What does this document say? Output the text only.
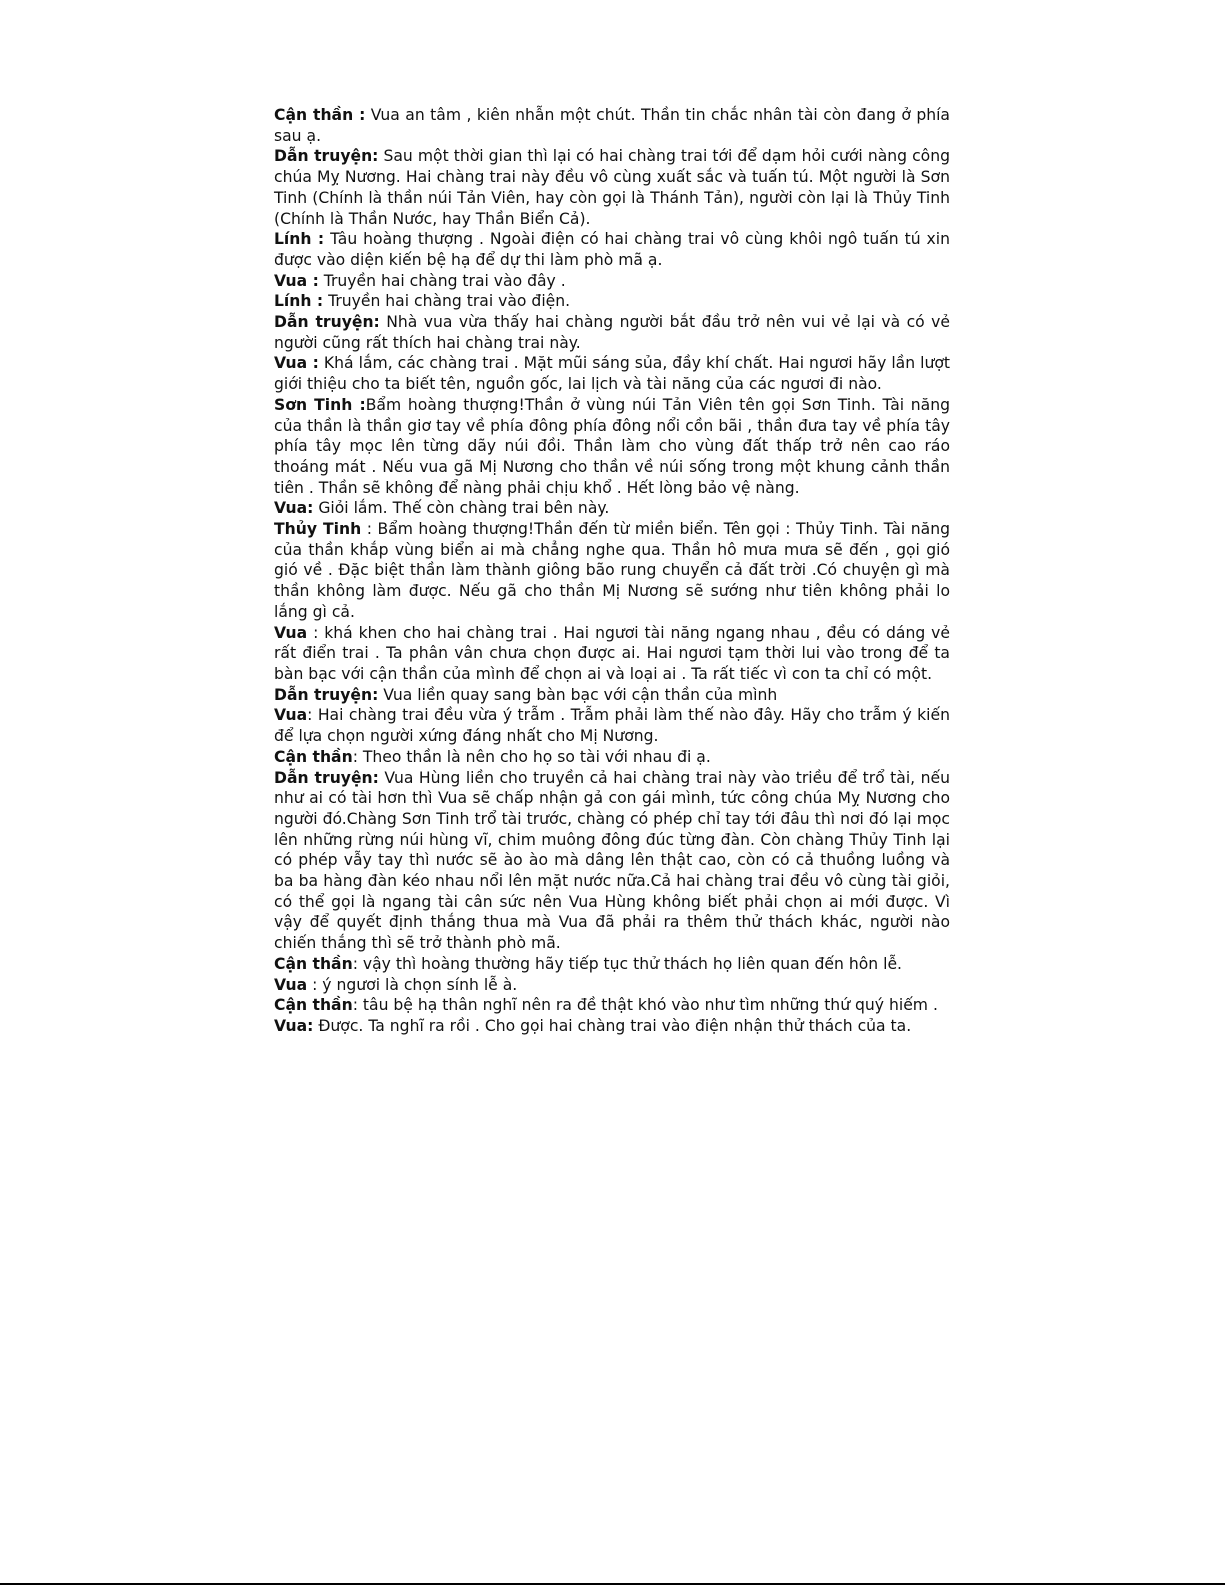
Cận thần : Vua an tâm , kiên nhẫn một chút. Thần tin chắc nhân tài còn đang ở phía sau ạ.

Dẫn truyện: Sau một thời gian thì lại có hai chàng trai tới để dạm hỏi cưới nàng công chúa Mỵ Nương. Hai chàng trai này đều vô cùng xuất sắc và tuấn tú. Một người là Sơn Tinh (Chính là thần núi Tản Viên, hay còn gọi là Thánh Tản), người còn lại là Thủy Tinh (Chính là Thần Nước, hay Thần Biển Cả).

Lính : Tâu hoàng thượng . Ngoài điện có hai chàng trai vô cùng khôi ngô tuấn tú xin được vào diện kiến bệ hạ để dự thi làm phò mã ạ.

Vua : Truyền hai chàng trai vào đây .

Lính : Truyền hai chàng trai vào điện.

Dẫn truyện: Nhà vua vừa thấy hai chàng người bắt đầu trở nên vui vẻ lại và có vẻ người cũng rất thích hai chàng trai này.

Vua : Khá lắm, các chàng trai . Mặt mũi sáng sủa, đầy khí chất. Hai ngươi hãy lần lượt giới thiệu cho ta biết tên, nguồn gốc, lai lịch và tài năng của các ngươi đi nào.

Sơn Tinh :Bẩm hoàng thượng!Thần ở vùng núi Tản Viên tên gọi Sơn Tinh. Tài năng của thần là thần giơ tay về phía đông phía đông nổi cồn bãi , thần đưa tay về phía tây phía tây mọc lên từng dãy núi đồi. Thần làm cho vùng đất thấp trở nên cao ráo thoáng mát . Nếu vua gã Mị Nương cho thần về núi sống trong một khung cảnh thần tiên . Thần sẽ không để nàng phải chịu khổ . Hết lòng bảo vệ nàng.

Vua: Giỏi lắm. Thế còn chàng trai bên này.

Thủy Tinh : Bẩm hoàng thượng!Thần đến từ miền biển. Tên gọi : Thủy Tinh. Tài năng của thần khắp vùng biển ai mà chẳng nghe qua. Thần hô mưa mưa sẽ đến , gọi gió gió về . Đặc biệt thần làm thành giông bão rung chuyển cả đất trời .Có chuyện gì mà thần không làm được. Nếu gã cho thần Mị Nương sẽ sướng như tiên không phải lo lắng gì cả.

Vua : khá khen cho hai chàng trai . Hai ngươi tài năng ngang nhau , đều có dáng vẻ rất điển trai . Ta phân vân chưa chọn được ai. Hai ngươi tạm thời lui vào trong để ta bàn bạc với cận thần của mình để chọn ai và loại ai . Ta rất tiếc vì con ta chỉ có một.

Dẫn truyện: Vua liền quay sang bàn bạc với cận thần của mình

Vua: Hai chàng trai đều vừa ý trẫm . Trẫm phải làm thế nào đây. Hãy cho trẫm ý kiến để lựa chọn người xứng đáng nhất cho Mị Nương.

Cận thần: Theo thần là nên cho họ so tài với nhau đi ạ.

Dẫn truyện: Vua Hùng liền cho truyền cả hai chàng trai này vào triều để trổ tài, nếu như ai có tài hơn thì Vua sẽ chấp nhận gả con gái mình, tức công chúa Mỵ Nương cho người đó.Chàng Sơn Tinh trổ tài trước, chàng có phép chỉ tay tới đâu thì nơi đó lại mọc lên những rừng núi hùng vĩ, chim muông đông đúc từng đàn. Còn chàng Thủy Tinh lại có phép vẫy tay thì nước sẽ ào ào mà dâng lên thật cao, còn có cả thuồng luồng và ba ba hàng đàn kéo nhau nổi lên mặt nước nữa.Cả hai chàng trai đều vô cùng tài giỏi, có thể gọi là ngang tài cân sức nên Vua Hùng không biết phải chọn ai mới được. Vì vậy để quyết định thắng thua mà Vua đã phải ra thêm thử thách khác, người nào chiến thắng thì sẽ trở thành phò mã.

Cận thần: vậy thì hoàng thường hãy tiếp tục thử thách họ liên quan đến hôn lễ.

Vua : ý ngươi là chọn sính lễ à.

Cận thần: tâu bệ hạ thân nghĩ nên ra đề thật khó vào như tìm những thứ quý hiếm .

Vua: Được. Ta nghĩ ra rồi . Cho gọi hai chàng trai vào điện nhận thử thách của ta.
